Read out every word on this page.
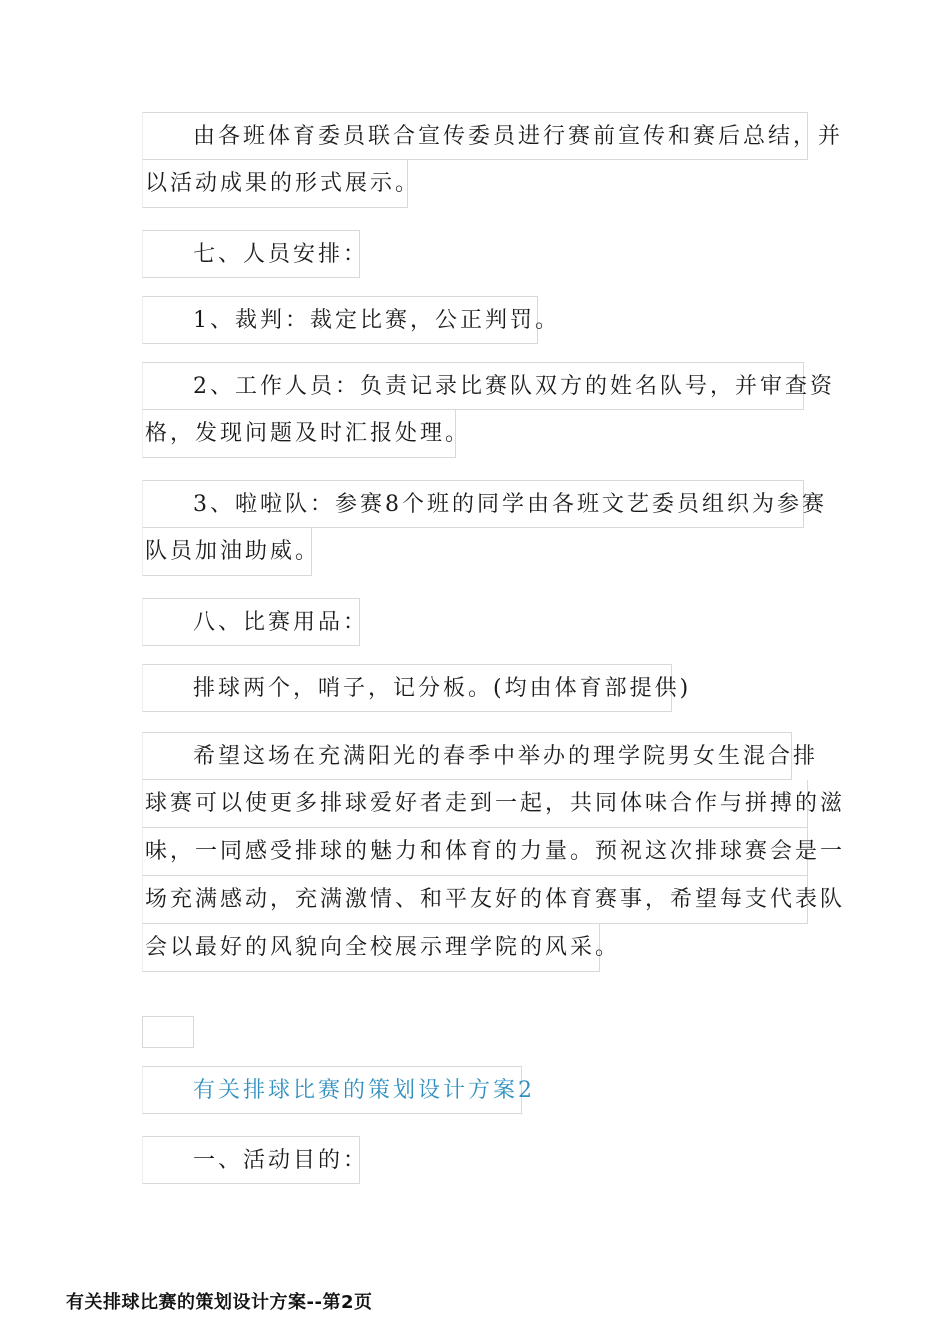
由各班体育委员联合宣传委员进行赛前宣传和赛后总结，并
以活动成果的形式展示。
七、人员安排：
1、裁判：裁定比赛，公正判罚。
2、工作人员：负责记录比赛队双方的姓名队号，并审查资
格，发现问题及时汇报处理。
3、啦啦队：参赛8个班的同学由各班文艺委员组织为参赛
队员加油助威。
八、比赛用品：
排球两个，哨子，记分板。(均由体育部提供)
希望这场在充满阳光的春季中举办的理学院男女生混合排
球赛可以使更多排球爱好者走到一起，共同体味合作与拼搏的滋
味，一同感受排球的魅力和体育的力量。预祝这次排球赛会是一
场充满感动，充满激情、和平友好的体育赛事，希望每支代表队
会以最好的风貌向全校展示理学院的风采。
有关排球比赛的策划设计方案2
一、活动目的：
有关排球比赛的策划设计方案--第2页
